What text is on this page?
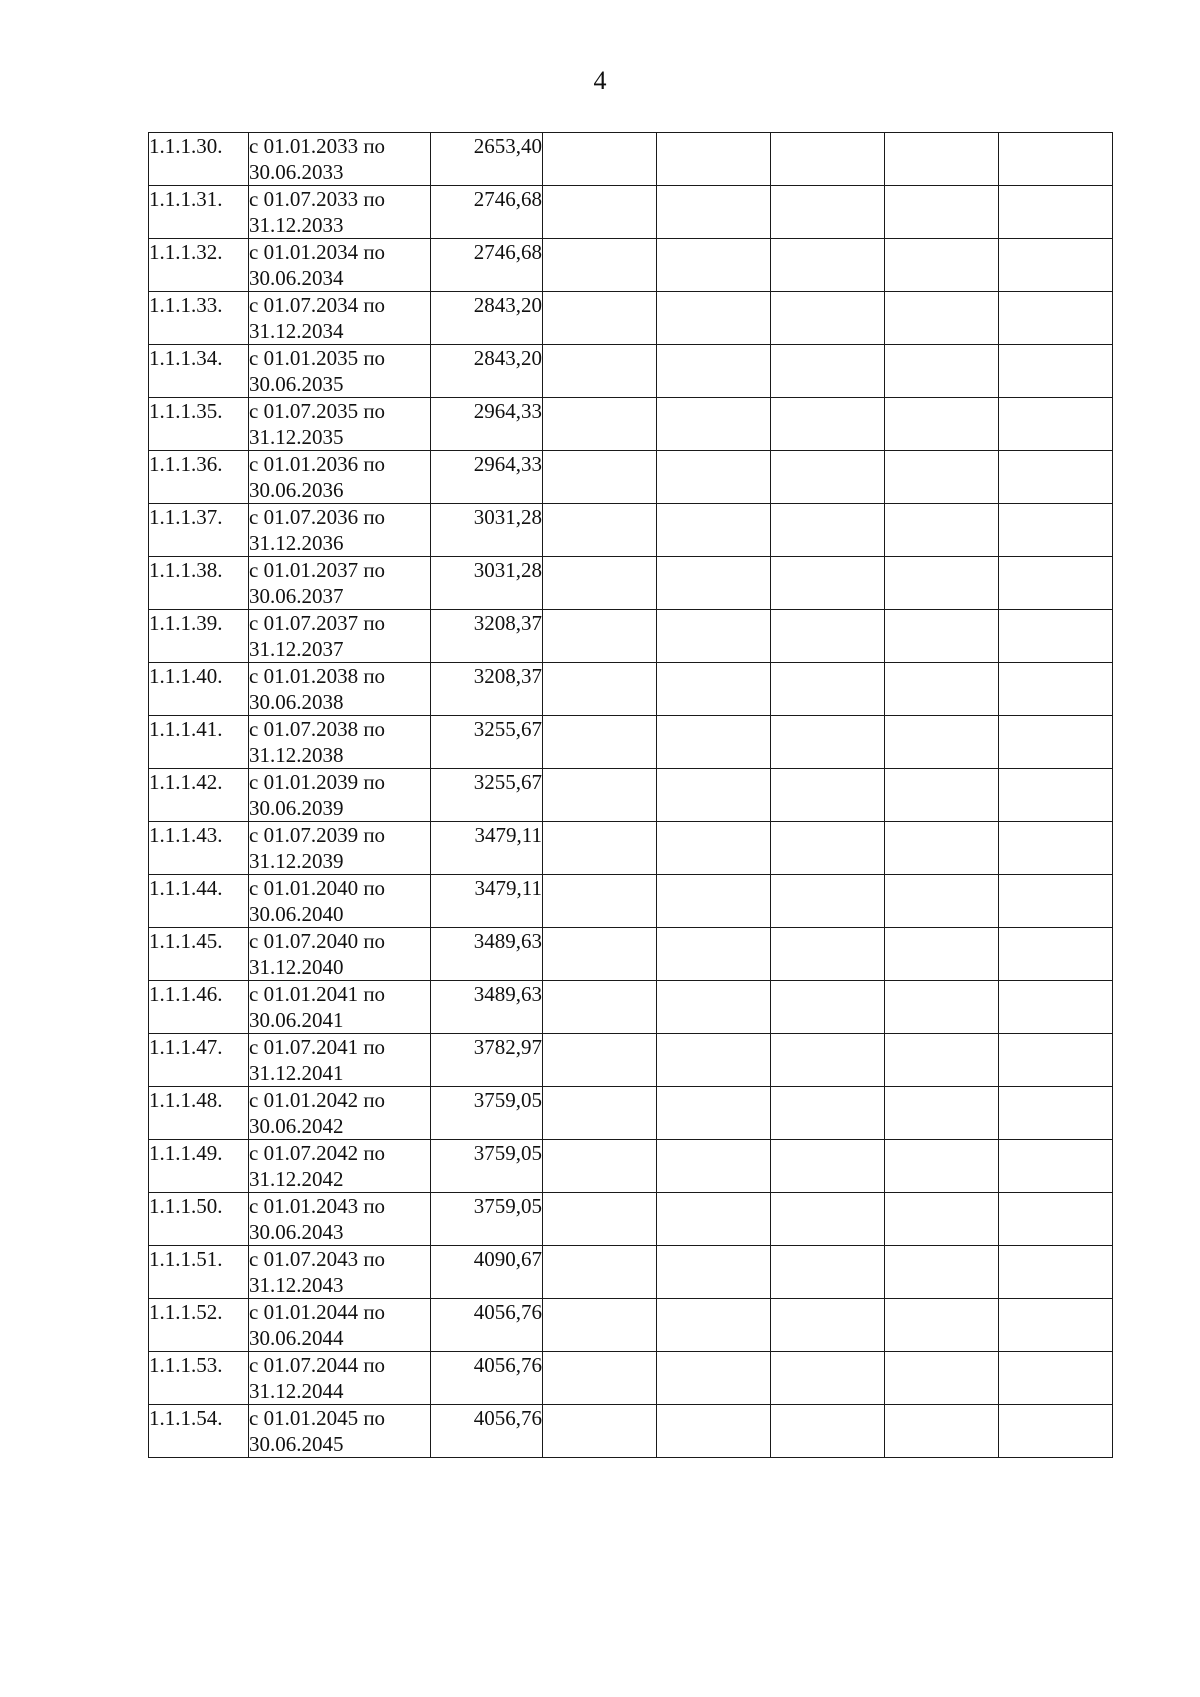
4
1.1.1.30.	с 01.01.2033 по
30.06.2033	2653,40					
1.1.1.31.	с 01.07.2033 по
31.12.2033	2746,68					
1.1.1.32.	с 01.01.2034 по
30.06.2034	2746,68					
1.1.1.33.	с 01.07.2034 по
31.12.2034	2843,20					
1.1.1.34.	с 01.01.2035 по
30.06.2035	2843,20					
1.1.1.35.	с 01.07.2035 по
31.12.2035	2964,33					
1.1.1.36.	с 01.01.2036 по
30.06.2036	2964,33					
1.1.1.37.	с 01.07.2036 по
31.12.2036	3031,28					
1.1.1.38.	с 01.01.2037 по
30.06.2037	3031,28					
1.1.1.39.	с 01.07.2037 по
31.12.2037	3208,37					
1.1.1.40.	с 01.01.2038 по
30.06.2038	3208,37					
1.1.1.41.	с 01.07.2038 по
31.12.2038	3255,67					
1.1.1.42.	с 01.01.2039 по
30.06.2039	3255,67					
1.1.1.43.	с 01.07.2039 по
31.12.2039	3479,11					
1.1.1.44.	с 01.01.2040 по
30.06.2040	3479,11					
1.1.1.45.	с 01.07.2040 по
31.12.2040	3489,63					
1.1.1.46.	с 01.01.2041 по
30.06.2041	3489,63					
1.1.1.47.	с 01.07.2041 по
31.12.2041	3782,97					
1.1.1.48.	с 01.01.2042 по
30.06.2042	3759,05					
1.1.1.49.	с 01.07.2042 по
31.12.2042	3759,05					
1.1.1.50.	с 01.01.2043 по
30.06.2043	3759,05					
1.1.1.51.	с 01.07.2043 по
31.12.2043	4090,67					
1.1.1.52.	с 01.01.2044 по
30.06.2044	4056,76					
1.1.1.53.	с 01.07.2044 по
31.12.2044	4056,76					
1.1.1.54.	с 01.01.2045 по
30.06.2045	4056,76					
